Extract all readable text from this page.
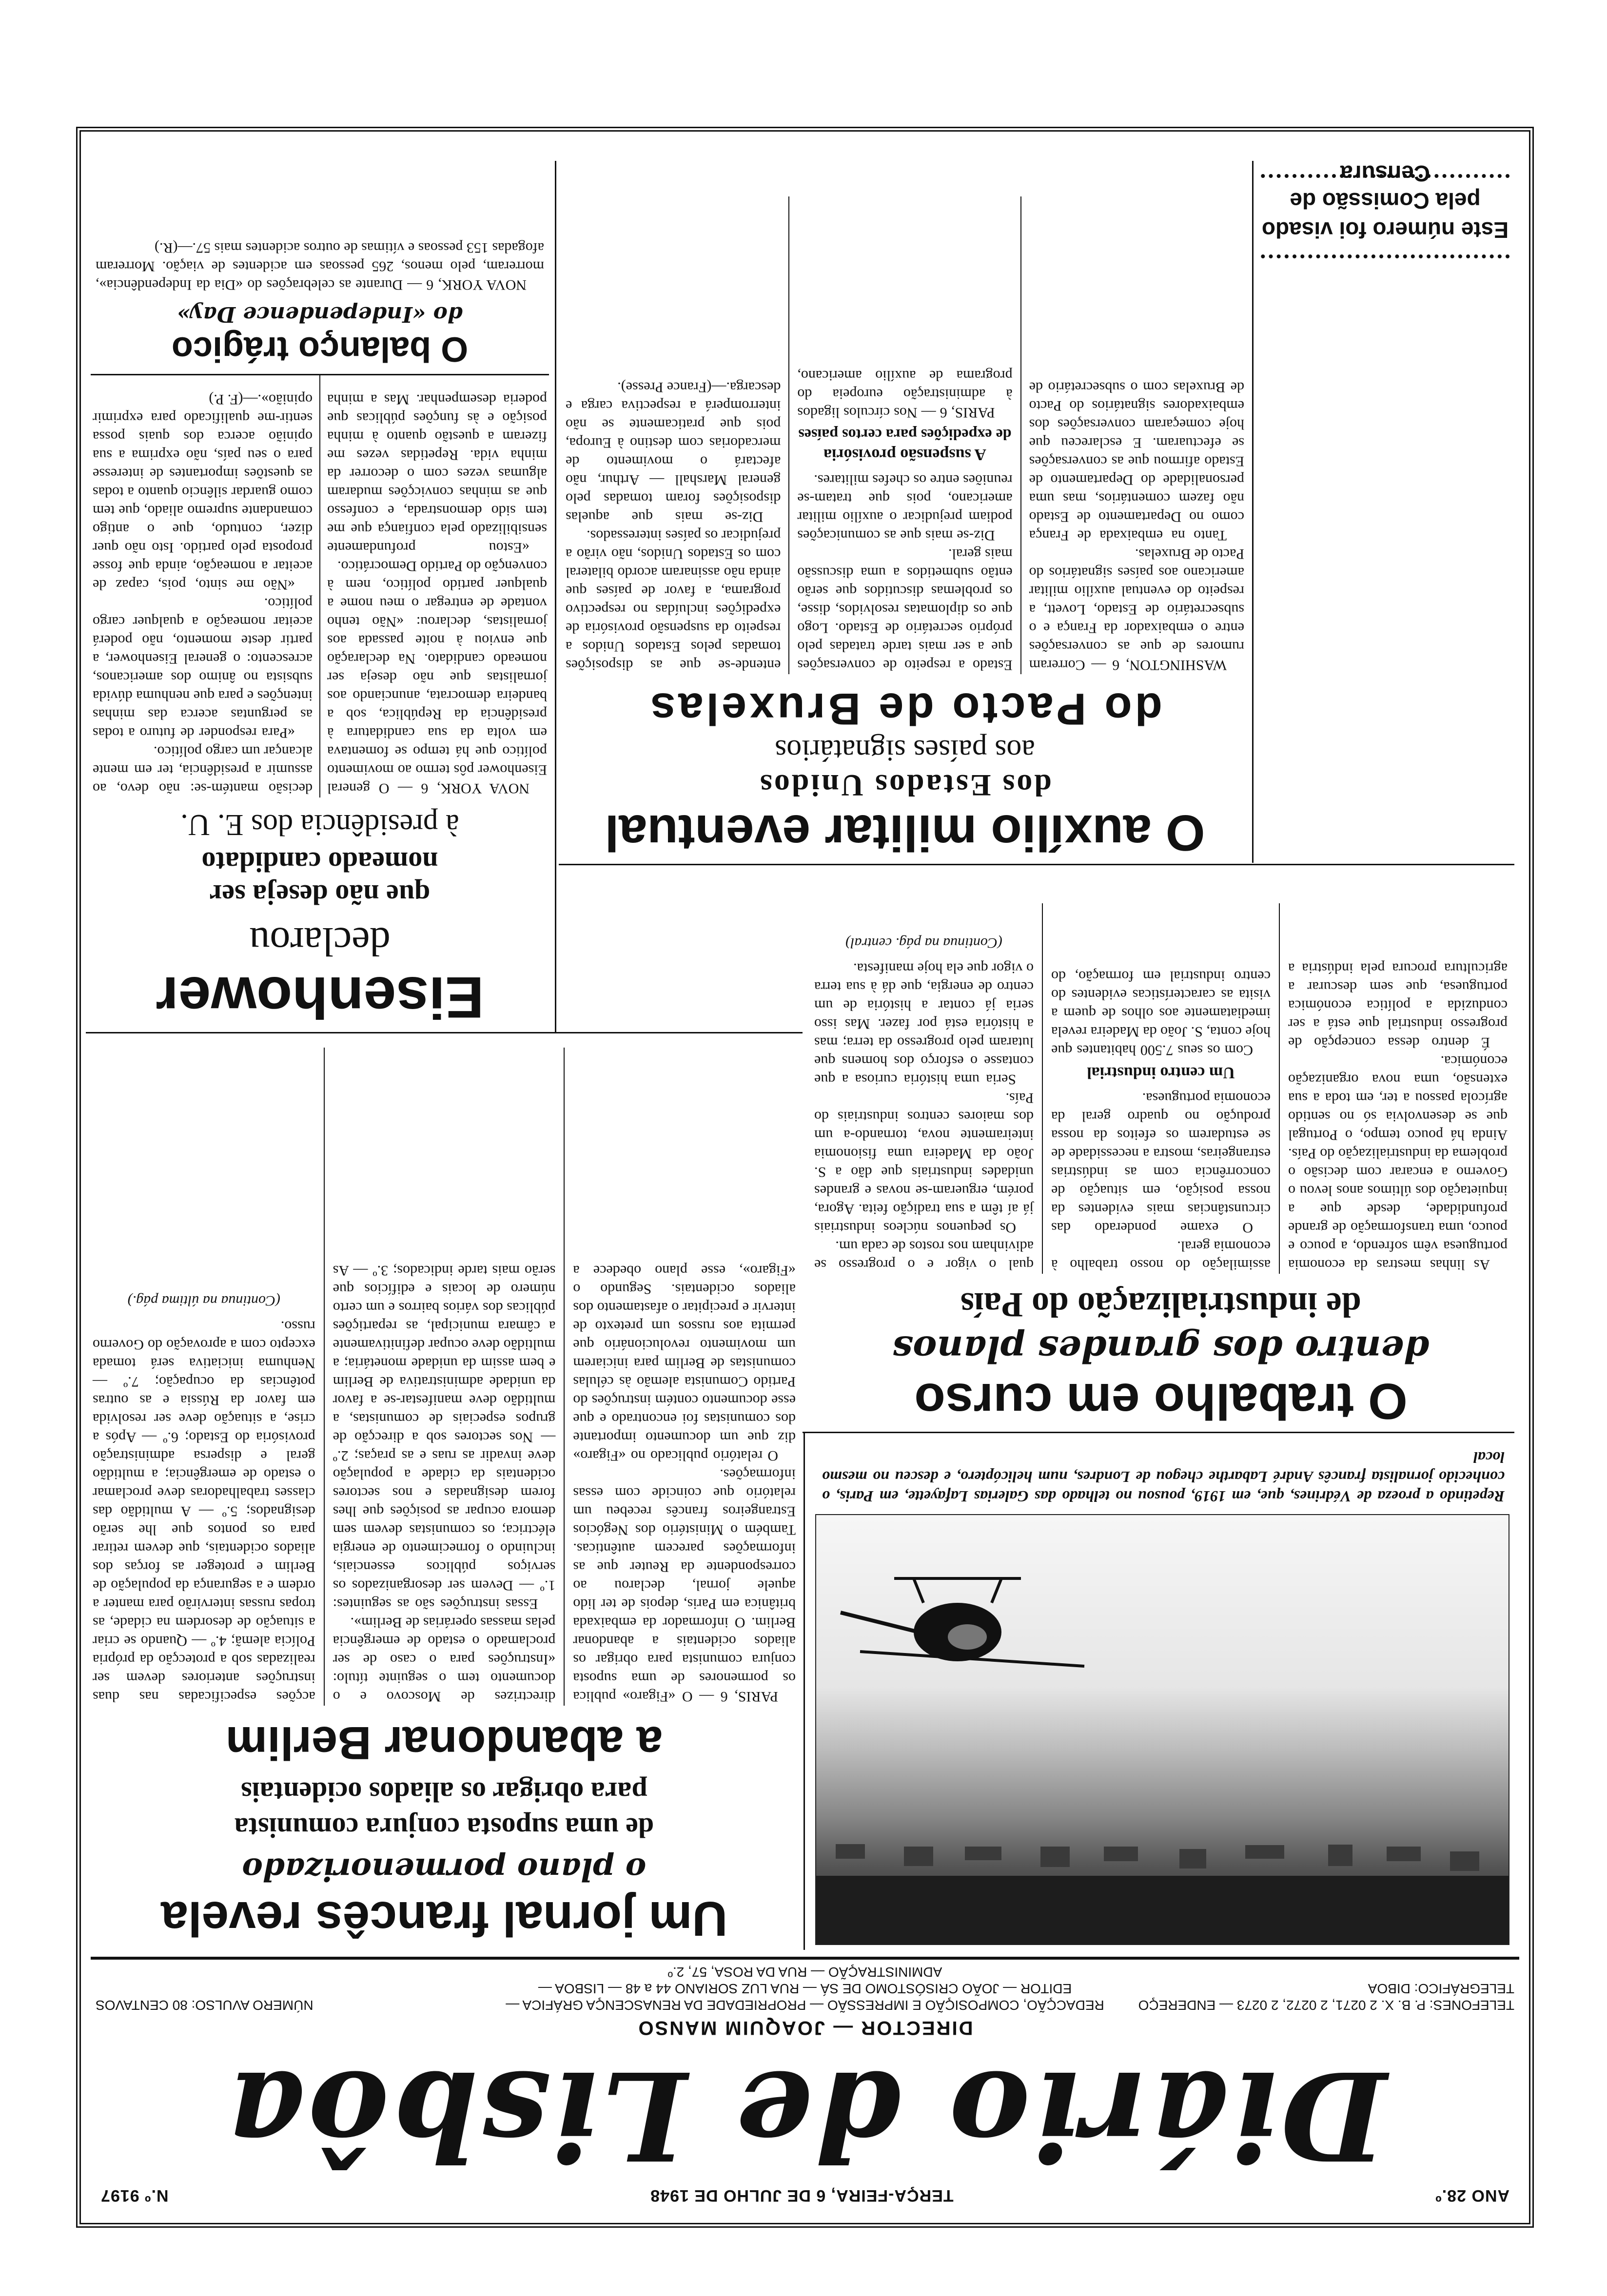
ANO 28.º
TERÇA-FEIRA, 6 DE JULHO DE 1948
N.º 9197
Diário de Lisbôa
DIRECTOR — JOAQUIM MANSO
TELEFONES: P. B. X. 2 0271, 2 0272, 2 0273 — ENDEREÇO TELEGRÁFICO: DIBOA
REDACÇÃO, COMPOSIÇÃO E IMPRESSÃO — PROPRIEDADE DA RENASCENÇA GRÁFICA — EDITOR — JOÃO CRISÓSTOMO DE SÁ — RUA LUZ SORIANO 44 a 48 — LISBOA — ADMINISTRAÇÃO — RUA DA ROSA, 57, 2.º
NÚMERO AVULSO: 80 CENTAVOS
Um jornal francês revela
o plano pormenorizado
de uma suposta conjura comunista
para obrigar os aliados ocidentais
a abandonar Berlim

PARIS, 6 — O «Figaro» publica os pormenores de uma suposta conjura comunista para obrigar os aliados ocidentais a abandonar Berlim. O informador da embaixada britânica em Paris, depois de ter lido aquele jornal, declarou ao correspondente da Reuter que as informações parecem autênticas. Também o Ministério dos Negócios Estrangeiros francês recebeu um relatório que coincide com essas informações.

O relatório publicado no «Figaro» diz que um documento importante dos comunistas foi encontrado e que esse documento contém instruções do Partido Comunista alemão às células comunistas de Berlim para iniciarem um movimento revolucionário que permita aos russos um pretexto de intervir e precipitar o afastamento dos aliados ocidentais. Segundo o «Figaro», esse plano obedece a directrizes de Moscovo e o documento tem o seguinte título: «Instruções para o caso de ser proclamado o estado de emergência pelas massas operárias de Berlim».

Essas instruções são as seguintes: 1.º — Devem ser desorganizados os serviços públicos essenciais, incluindo o fornecimento de energia eléctrica; os comunistas devem sem demora ocupar as posições que lhes forem designadas e nos sectores ocidentais da cidade a população deve invadir as ruas e as praças; 2.º — Nos sectores sob a direcção de grupos especiais de comunistas, a multidão deve manifestar-se a favor da unidade administrativa de Berlim e bem assim da unidade monetária; a multidão deve ocupar definitivamente a câmara municipal, as repartições públicas dos vários bairros e um certo número de locais e edifícios que serão mais tarde indicados; 3.º — As acções especificadas nas duas instruções anteriores devem ser realizadas sob a protecção da própria Polícia alemã; 4.º — Quando se criar a situação de desordem na cidade, as tropas russas intervirão para manter a ordem e a segurança da população de Berlim e proteger as forças dos aliados ocidentais, que devem retirar para os pontos que lhe serão designados; 5.º — A multidão das classes trabalhadoras deve proclamar o estado de emergência; a multidão geral e dispersa administração provisória do Estado; 6.º — Após a crise, a situação deve ser resolvida em favor da Rússia e as outras potências da ocupação; 7.º — Nenhuma iniciativa será tomada excepto com a aprovação do Governo russo.

(Continua na última pág.)
Repetindo a proeza de Védrines, que, em 1919, pousou no telhado das Galerias Lafayette, em Paris, o conhecido jornalista francês André Labarthe chegou de Londres, num helicóptero, e desceu no mesmo local
Eisenhower
declarou
que não deseja ser
nomeado candidato
à presidência dos E. U.

NOVA YORK, 6 — O general Eisenhower pôs termo ao movimento político que há tempo se fomentava em volta da sua candidatura à presidência da República, sob a bandeira democrata, anunciando aos jornalistas que não deseja ser nomeado candidato. Na declaração que enviou à noite passada aos jornalistas, declarou: «Não tenho vontade de entregar o meu nome a qualquer partido político, nem à convenção do Partido Democrático.

«Estou profundamente sensibilizado pela confiança que me tem sido demonstrada, e confesso que as minhas convicções mudaram algumas vezes com o decorrer da minha vida. Repetidas vezes me fizeram a questão quanto à minha posição e às funções públicas que poderia desempenhar. Mas a minha decisão mantém-se: não devo, ao assumir a presidência, ter em mente alcançar um cargo político.

«Para responder de futuro a todas as perguntas acerca das minhas intenções e para que nenhuma dúvida subsista no ânimo dos americanos, acrescento: o general Eisenhower, a partir deste momento, não poderá aceitar nomeação a qualquer cargo político.

«Não me sinto, pois, capaz de aceitar a nomeação, ainda que fosse proposta pelo partido. Isto não quer dizer, contudo, que o antigo comandante supremo aliado, que tem como guardar silêncio quanto a todas as questões importantes de interesse para o seu país, não exprima a sua opinião acerca dos quais possa sentir-me qualificado para exprimir opinião».—(F. P.)

O trabalho em curso
dentro dos grandes planos
de industrialização do País

As linhas mestras da economia portuguesa vêm sofrendo, a pouco e pouco, uma transformação de grande profundidade, desde que a inquietação dos últimos anos levou o Governo a encarar com decisão o problema da industrialização do País. Ainda há pouco tempo, o Portugal que se desenvolvia só no sentido agrícola passou a ter, em toda a sua extensão, uma nova organização económica.

É dentro dessa concepção de progresso industrial que está a ser conduzida a política económica portuguesa, que sem descurar a agricultura procura pela indústria a assimilação do nosso trabalho à economia geral.

O exame ponderado das circunstâncias mais evidentes da nossa posição, em situação de concorrência com as indústrias estrangeiras, mostra a necessidade de se estudarem os efeitos da nossa produção no quadro geral da economia portuguesa.

Um centro industrial

Com os seus 7.500 habitantes que hoje conta, S. João da Madeira revela imediatamente aos olhos de quem a visita as características evidentes do centro industrial em formação, do qual o vigor e o progresso se adivinham nos rostos de cada um.

Os pequenos núcleos industriais já aí têm a sua tradição feita. Agora, porém, ergueram-se novas e grandes unidades industriais que dão a S. João da Madeira uma fisionomia inteiramente nova, tornando-a um dos maiores centros industriais do País.

Seria uma história curiosa a que contasse o esforço dos homens que lutaram pelo progresso da terra; mas a história está por fazer. Mas isso seria já contar a história de um centro de energia, que dá à sua terra o vigor que ela hoje manifesta.

(Continua na pág. central)
O auxílio militar eventual
dos Estados Unidos
aos países signatários
do Pacto de Bruxelas

WASHINGTON, 6 — Correram rumores de que as conversações entre o embaixador da França e o subsecretário de Estado, Lovett, a respeito do eventual auxílio militar americano aos países signatários do Pacto de Bruxelas.

Tanto na embaixada de França como no Departamento de Estado não fazem comentários, mas uma personalidade do Departamento de Estado afirmou que as conversações se efectuaram. E esclareceu que hoje começaram conversações dos embaixadores signatários do Pacto de Bruxelas com o subsecretário de Estado a respeito de conversações que a ser mais tarde tratadas pelo próprio secretário de Estado. Logo que os diplomatas resolvidos, disse, os problemas discutidos que serão então submetidos a uma discussão mais geral.

Diz-se mais que as comunicações podiam prejudicar o auxílio militar americano, pois que tratam-se reuniões entre os chefes militares.

A suspensão provisória
de expedições para certos países

PARIS, 6 — Nos círculos ligados à administração europeia do programa de auxílio americano, entende-se que as disposições tomadas pelos Estados Unidos a respeito da suspensão provisória de expedições incluídas no respectivo programa, a favor de países que ainda não assinaram acordo bilateral com os Estados Unidos, não virão a prejudicar os países interessados.

Diz-se mais que aquelas disposições foram tomadas pelo general Marshall — Arthur, não afectará o movimento de mercadorias com destino à Europa, pois que praticamente se não interromperá a respectiva carga e descarga.—(France Presse).

Este número foi visado
pela Comissão de Censura
O balanço trágico
do «Independence Day»

NOVA YORK, 6 — Durante as celebrações do «Dia da Independência», morreram, pelo menos, 265 pessoas em acidentes de viação. Morreram afogadas 153 pessoas e vítimas de outros acidentes mais 57.—(R.)
